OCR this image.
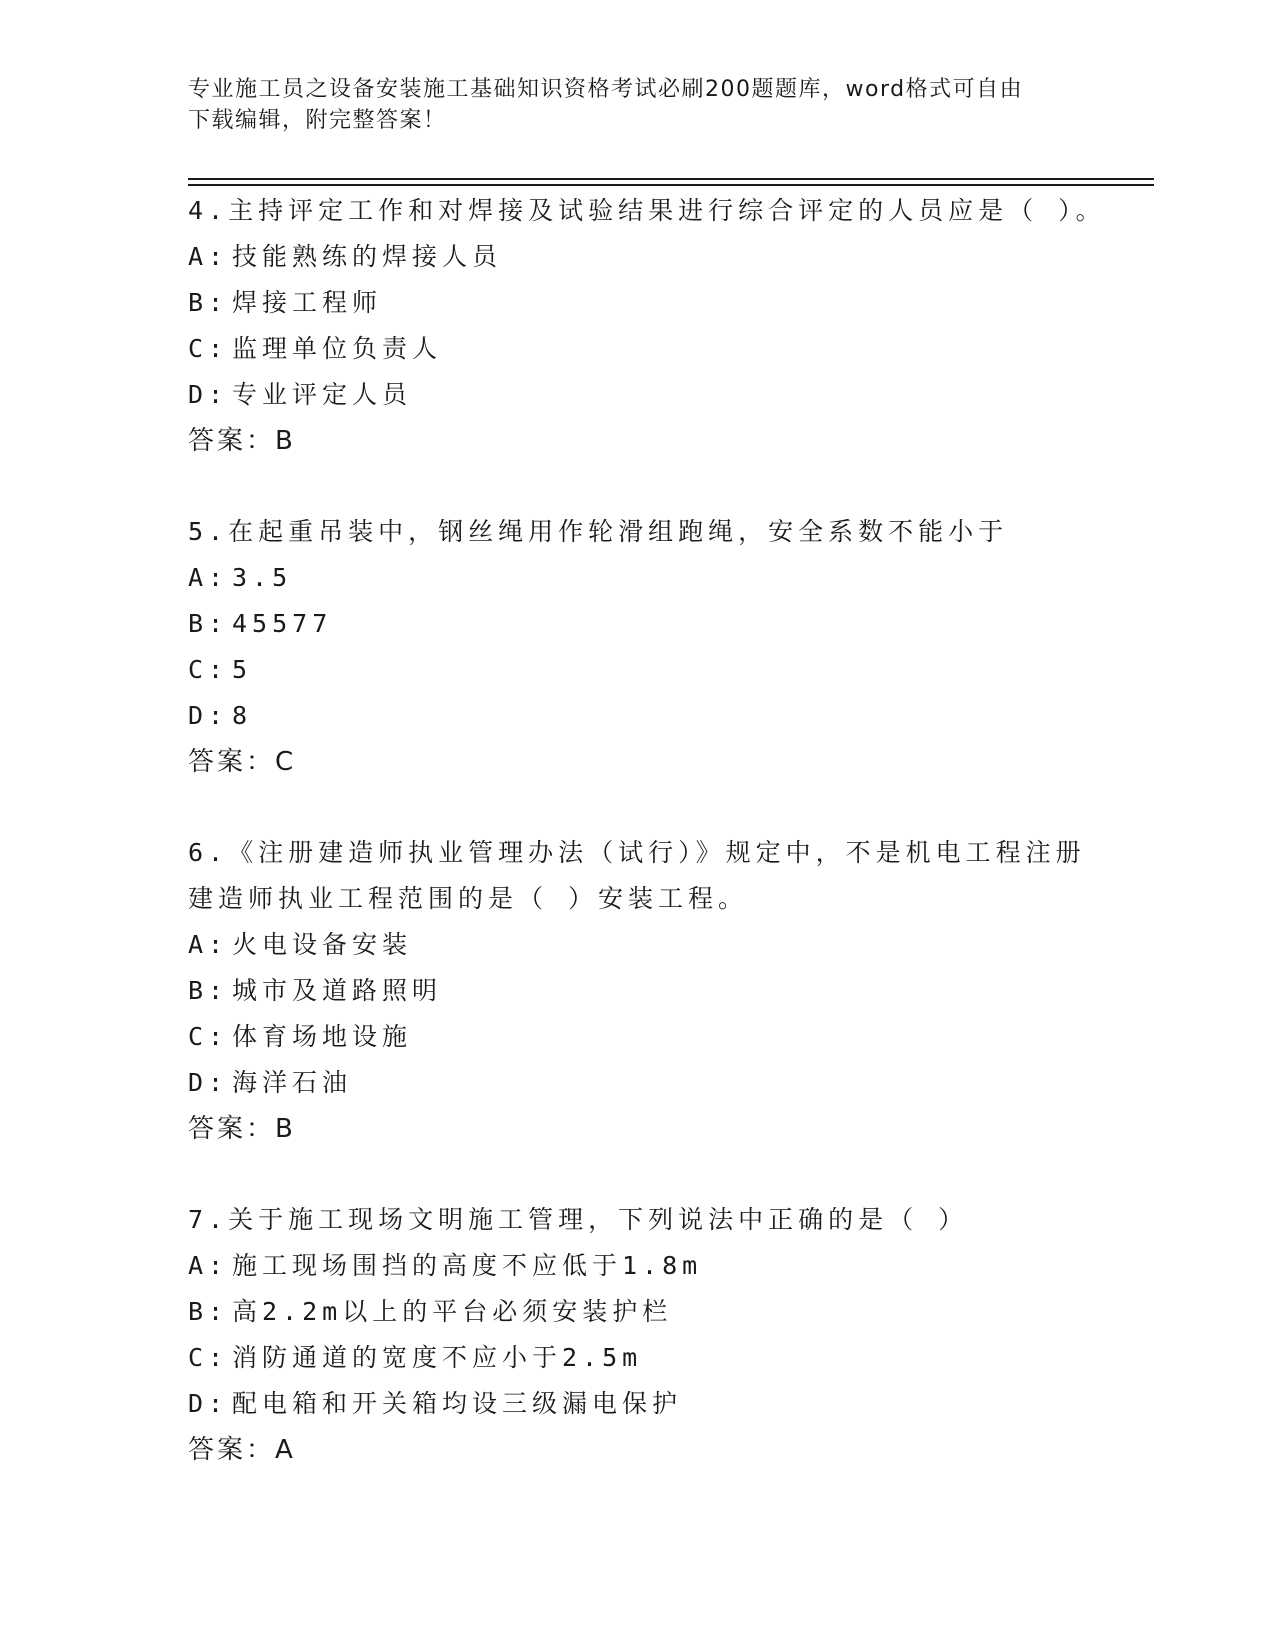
专业施工员之设备安装施工基础知识资格考试必刷200题题库，word格式可自由
下载编辑，附完整答案！
4.主持评定工作和对焊接及试验结果进行综合评定的人员应是（ ）。
A: 技能熟练的焊接人员
B: 焊接工程师
C: 监理单位负责人
D: 专业评定人员
答案：B
5.在起重吊装中，钢丝绳用作轮滑组跑绳，安全系数不能小于
A: 3.5
B: 45577
C: 5
D: 8
答案：C
6.《注册建造师执业管理办法（试行）》规定中，不是机电工程注册
建造师执业工程范围的是（ ）安装工程。
A: 火电设备安装
B: 城市及道路照明
C: 体育场地设施
D: 海洋石油
答案：B
7.关于施工现场文明施工管理，下列说法中正确的是（ ）
A: 施工现场围挡的高度不应低于1.8m
B: 高2.2m以上的平台必须安装护栏
C: 消防通道的宽度不应小于2.5m
D: 配电箱和开关箱均设三级漏电保护
答案：A
